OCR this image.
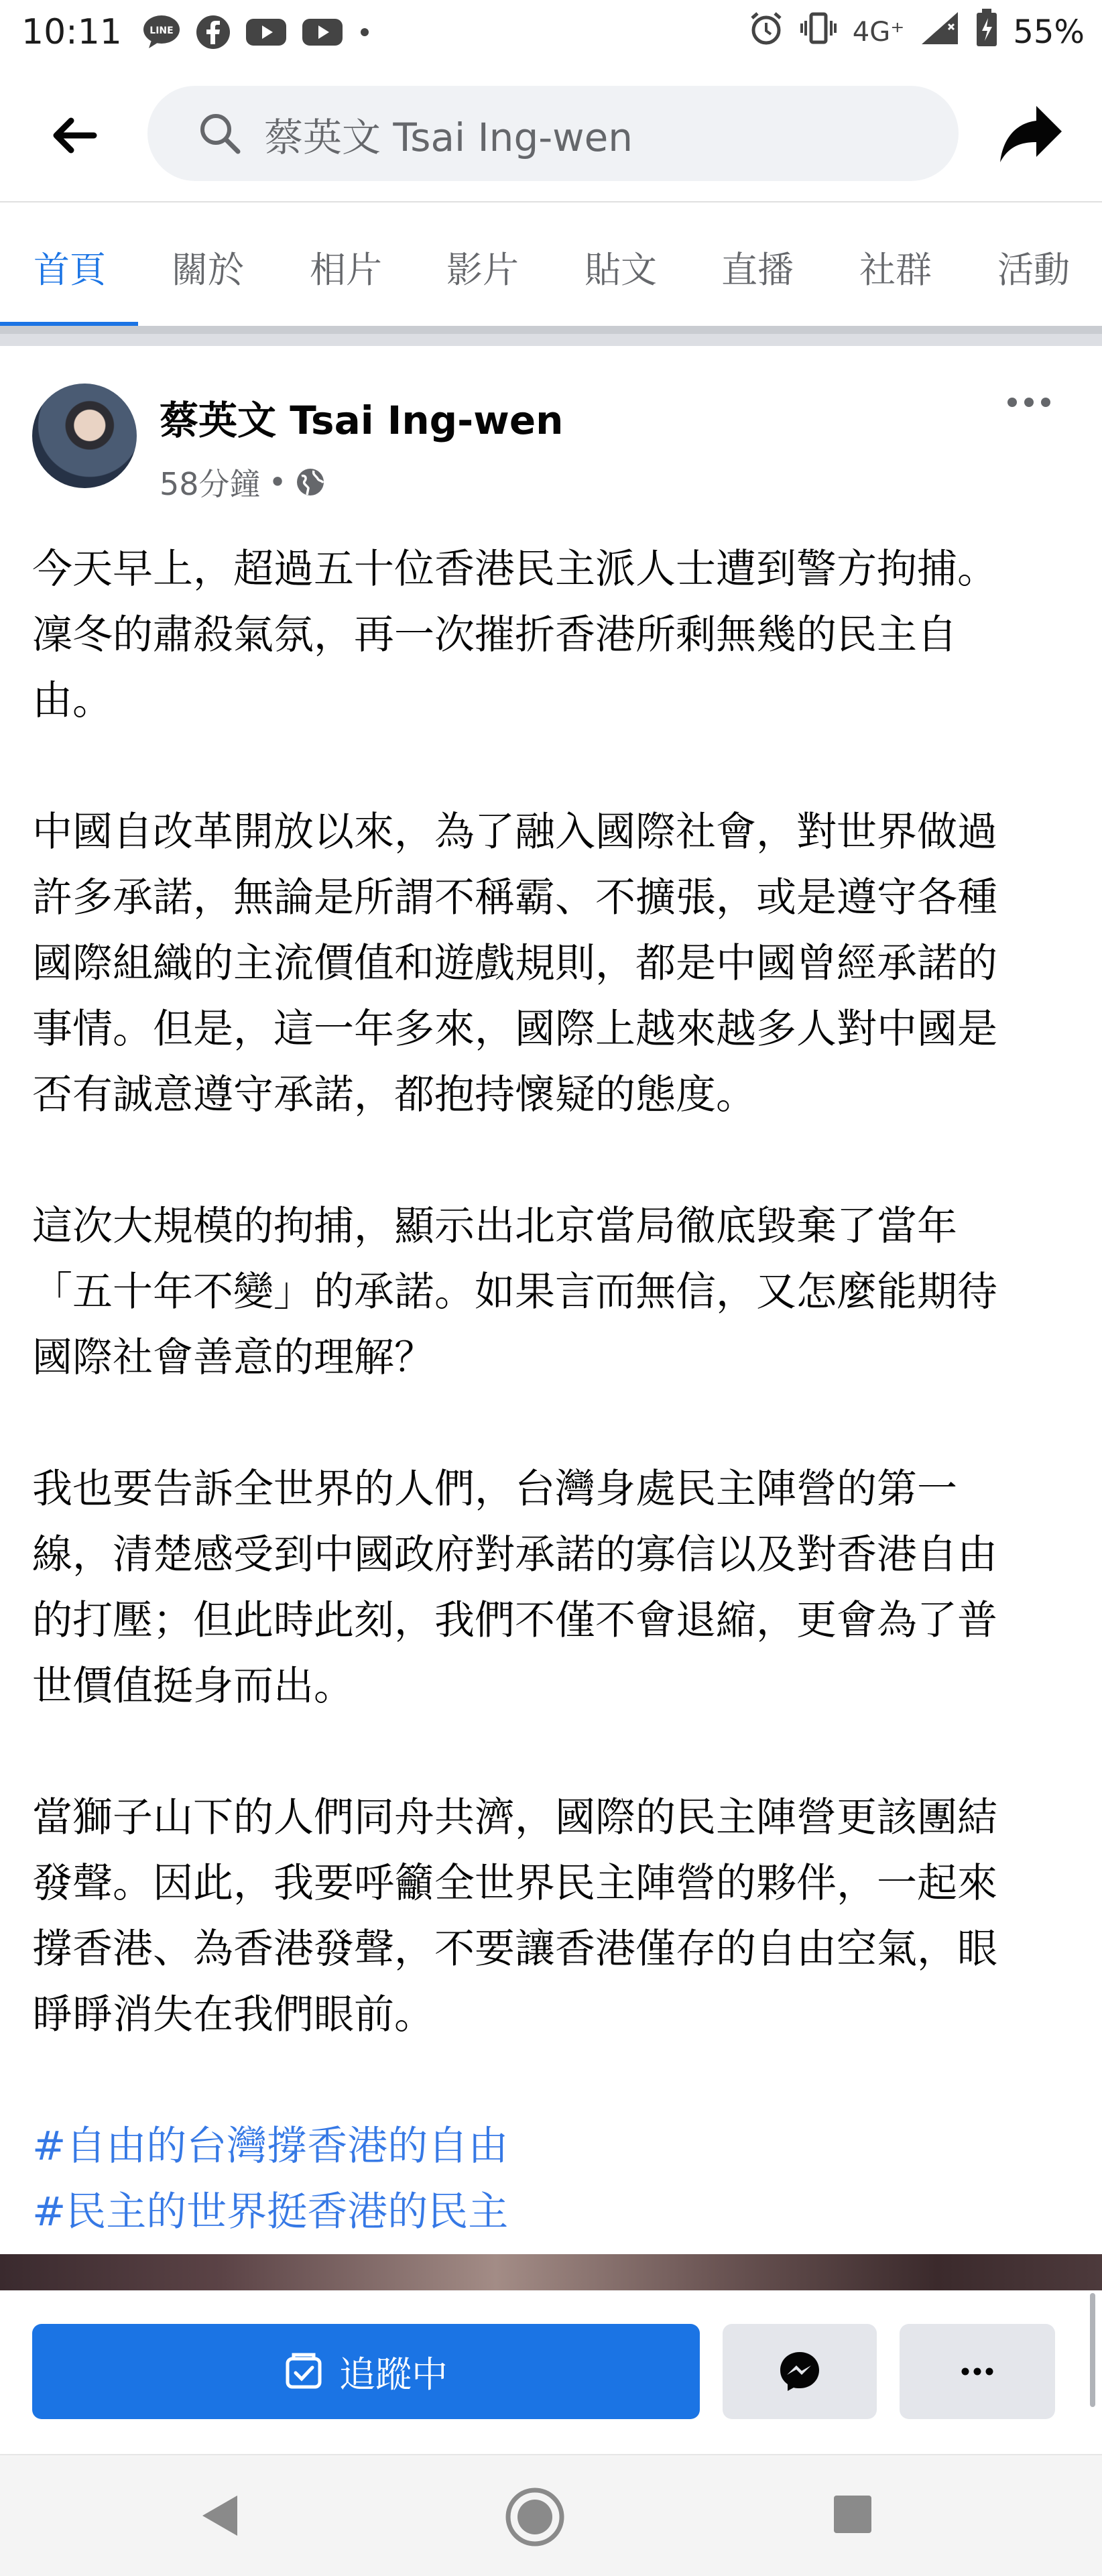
10:11	LINE	4G⁺	55%
蔡英文 Tsai Ing-wen
首頁 關於 相片 影片 貼文 直播 社群 活動
蔡英文 Tsai Ing-wen
58分鐘 •

今天早上，超過五十位香港民主派人士遭到警方拘捕。
凜冬的肅殺氣氛，再一次摧折香港所剩無幾的民主自
由。

中國自改革開放以來，為了融入國際社會，對世界做過
許多承諾，無論是所謂不稱霸、不擴張，或是遵守各種
國際組織的主流價值和遊戲規則，都是中國曾經承諾的
事情。但是，這一年多來，國際上越來越多人對中國是
否有誠意遵守承諾，都抱持懷疑的態度。

這次大規模的拘捕，顯示出北京當局徹底毀棄了當年
「五十年不變」的承諾。如果言而無信，又怎麼能期待
國際社會善意的理解？

我也要告訴全世界的人們，台灣身處民主陣營的第一
線，清楚感受到中國政府對承諾的寡信以及對香港自由
的打壓；但此時此刻，我們不僅不會退縮，更會為了普
世價值挺身而出。

當獅子山下的人們同舟共濟，國際的民主陣營更該團結
發聲。因此，我要呼籲全世界民主陣營的夥伴，一起來
撐香港、為香港發聲，不要讓香港僅存的自由空氣，眼
睜睜消失在我們眼前。

#自由的台灣撐香港的自由
#民主的世界挺香港的民主
追蹤中
